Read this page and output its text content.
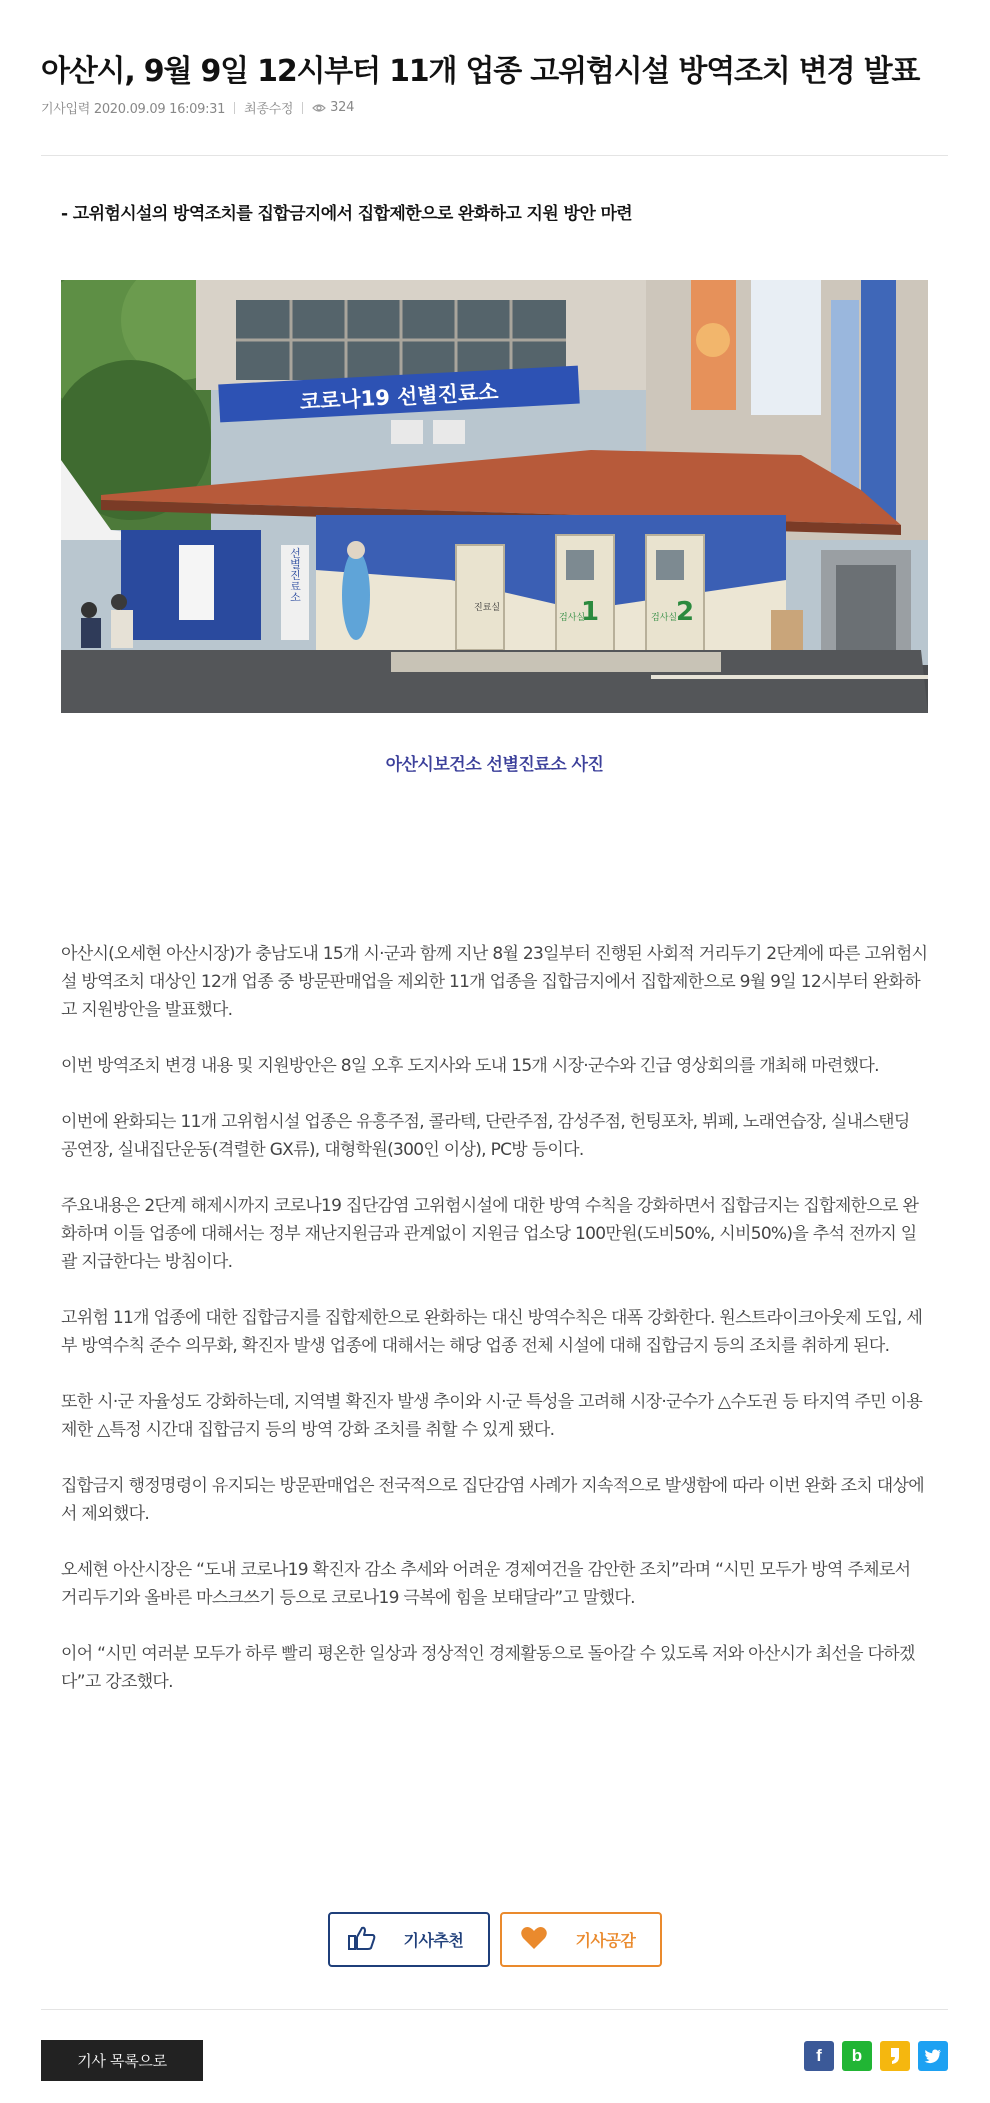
아산시, 9월 9일 12시부터 11개 업종 고위험시설 방역조치 변경 발표
기사입력 2020.09.09 16:09:31 최종수정	324
- 고위험시설의 방역조치를 집합금지에서 집합제한으로 완화하고 지원 방안 마련
코로나19 선별진료소
선별진료소
진료실
검사실
1	검사실
2
아산시보건소 선별진료소 사진

아산시(오세현 아산시장)가 충남도내 15개 시·군과 함께 지난 8월 23일부터 진행된 사회적 거리두기 2단계에 따른 고위험시설 방역조치 대상인 12개 업종 중 방문판매업을 제외한 11개 업종을 집합금지에서 집합제한으로 9월 9일 12시부터 완화하고 지원방안을 발표했다.

이번 방역조치 변경 내용 및 지원방안은 8일 오후 도지사와 도내 15개 시장·군수와 긴급 영상회의를 개최해 마련했다.

이번에 완화되는 11개 고위험시설 업종은 유흥주점, 콜라텍, 단란주점, 감성주점, 헌팅포차, 뷔페, 노래연습장, 실내스탠딩 공연장, 실내집단운동(격렬한 GX류), 대형학원(300인 이상), PC방 등이다.

주요내용은 2단계 해제시까지 코로나19 집단감염 고위험시설에 대한 방역 수칙을 강화하면서 집합금지는 집합제한으로 완화하며 이들 업종에 대해서는 정부 재난지원금과 관계없이 지원금 업소당 100만원(도비50%, 시비50%)을 추석 전까지 일괄 지급한다는 방침이다.

고위험 11개 업종에 대한 집합금지를 집합제한으로 완화하는 대신 방역수칙은 대폭 강화한다. 원스트라이크아웃제 도입, 세부 방역수칙 준수 의무화, 확진자 발생 업종에 대해서는 해당 업종 전체 시설에 대해 집합금지 등의 조치를 취하게 된다.

또한 시·군 자율성도 강화하는데, 지역별 확진자 발생 추이와 시·군 특성을 고려해 시장·군수가 △수도권 등 타지역 주민 이용 제한 △특정 시간대 집합금지 등의 방역 강화 조치를 취할 수 있게 됐다.

집합금지 행정명령이 유지되는 방문판매업은 전국적으로 집단감염 사례가 지속적으로 발생함에 따라 이번 완화 조치 대상에서 제외했다.

오세현 아산시장은 “도내 코로나19 확진자 감소 추세와 어려운 경제여건을 감안한 조치”라며 “시민 모두가 방역 주체로서 거리두기와 올바른 마스크쓰기 등으로 코로나19 극복에 힘을 보태달라”고 말했다.

이어 “시민 여러분 모두가 하루 빨리 평온한 일상과 정상적인 경제활동으로 돌아갈 수 있도록 저와 아산시가 최선을 다하겠다”고 강조했다.

기사추천	기사공감
기사 목록으로	f	b
